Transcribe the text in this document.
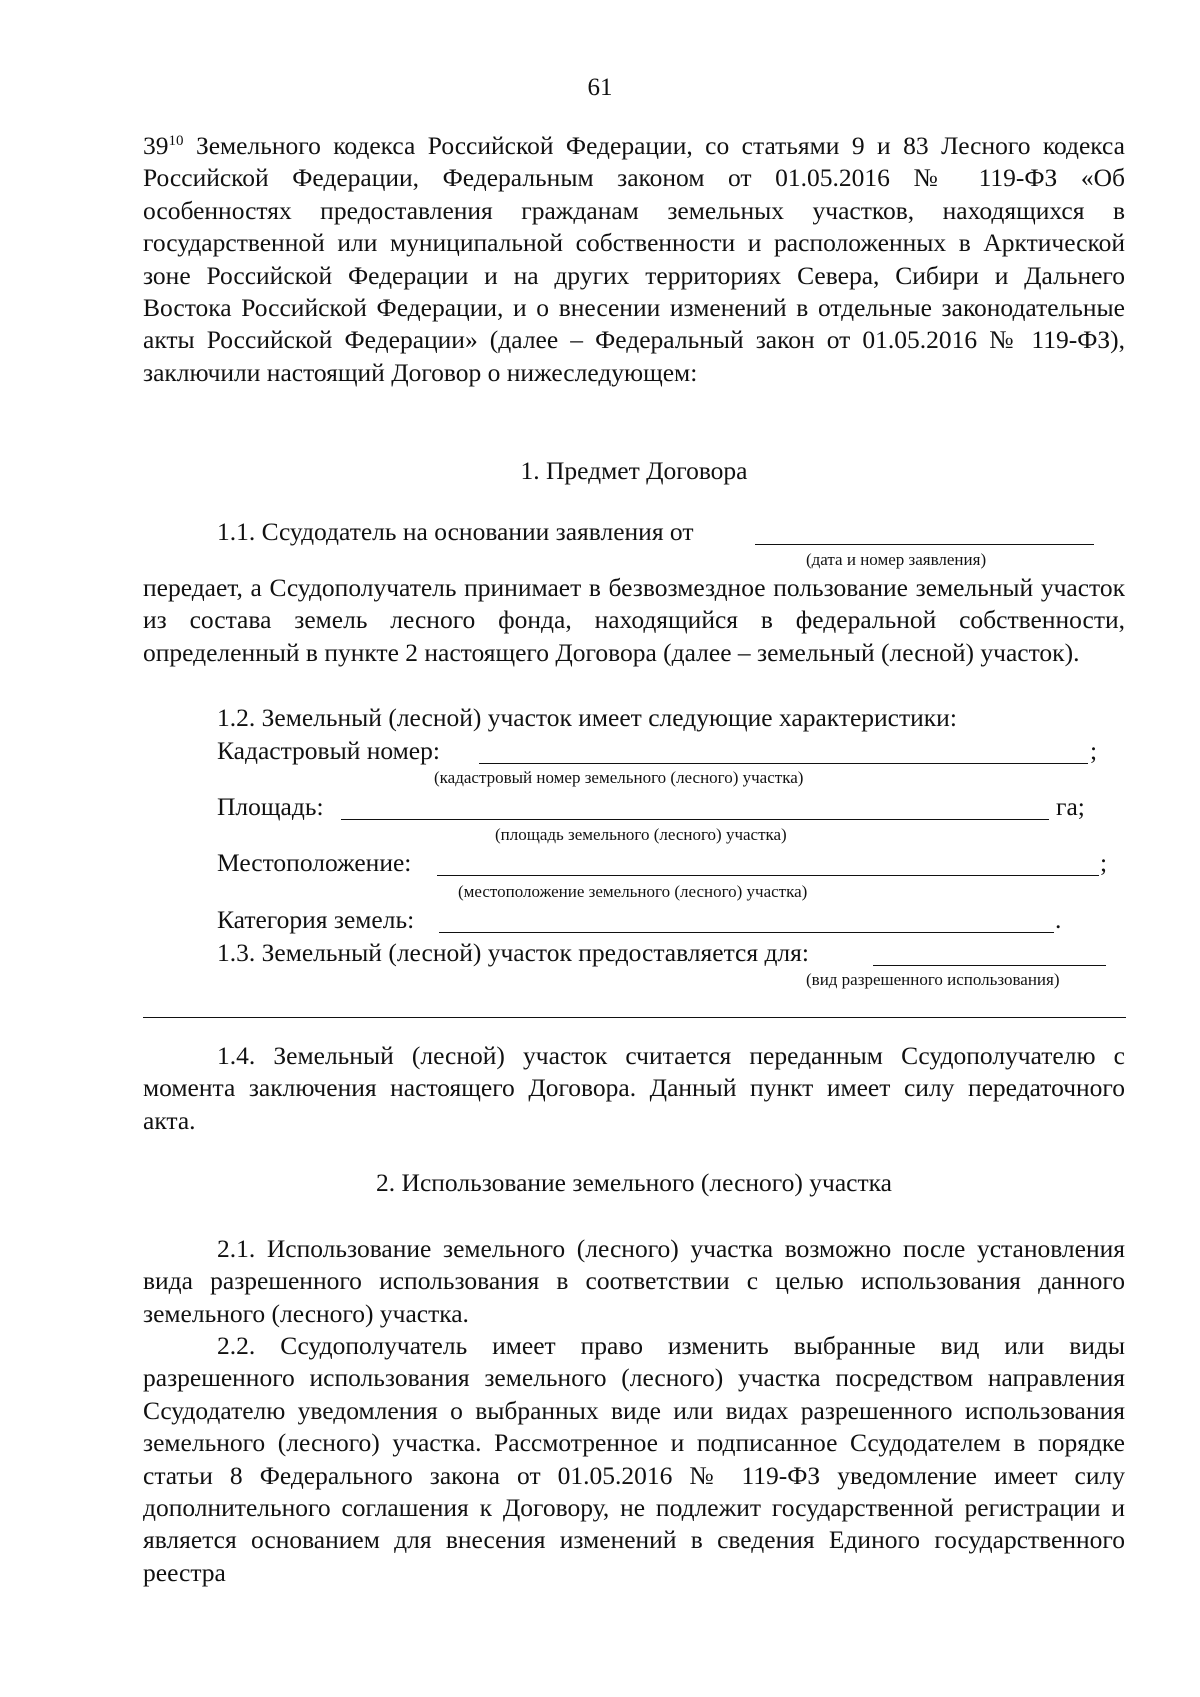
61

$39^{10}$ Земельного кодекса Российской Федерации, со статьями 9 и 83 Лесного кодекса Российской Федерации, Федеральным законом от 01.05.2016 № 119-ФЗ «Об особенностях предоставления гражданам земельных участков, находящихся в государственной или муниципальной собственности и расположенных в Арктической зоне Российской Федерации и на других территориях Севера, Сибири и Дальнего Востока Российской Федерации, и о внесении изменений в отдельные законодательные акты Российской Федерации» (далее – Федеральный закон от 01.05.2016 № 119-ФЗ), заключили настоящий Договор о нижеследующем:

1. Предмет Договора

1.1. Ссудодатель на основании заявления от
(дата и номер заявления)

передает, а Ссудополучатель принимает в безвозмездное пользование земельный участок из состава земель лесного фонда, находящийся в федеральной собственности, определенный в пункте 2 настоящего Договора (далее – земельный (лесной) участок).

1.2. Земельный (лесной) участок имеет следующие характеристики:
Кадастровый номер:	;
(кадастровый номер земельного (лесного) участка)
Площадь:	га;
(площадь земельного (лесного) участка)
Местоположение:	;
(местоположение земельного (лесного) участка)
Категория земель:	.
1.3. Земельный (лесной) участок предоставляется для:
(вид разрешенного использования)

1.4. Земельный (лесной) участок считается переданным Ссудополучателю с момента заключения настоящего Договора. Данный пункт имеет силу передаточного акта.

2. Использование земельного (лесного) участка

2.1. Использование земельного (лесного) участка возможно после установления вида разрешенного использования в соответствии с целью использования данного земельного (лесного) участка.

2.2. Ссудополучатель имеет право изменить выбранные вид или виды разрешенного использования земельного (лесного) участка посредством направления Ссудодателю уведомления о выбранных виде или видах разрешенного использования земельного (лесного) участка. Рассмотренное и подписанное Ссудодателем в порядке статьи 8 Федерального закона от 01.05.2016 № 119-ФЗ уведомление имеет силу дополнительного соглашения к Договору, не подлежит государственной регистрации и является основанием для внесения изменений в сведения Единого государственного реестра
